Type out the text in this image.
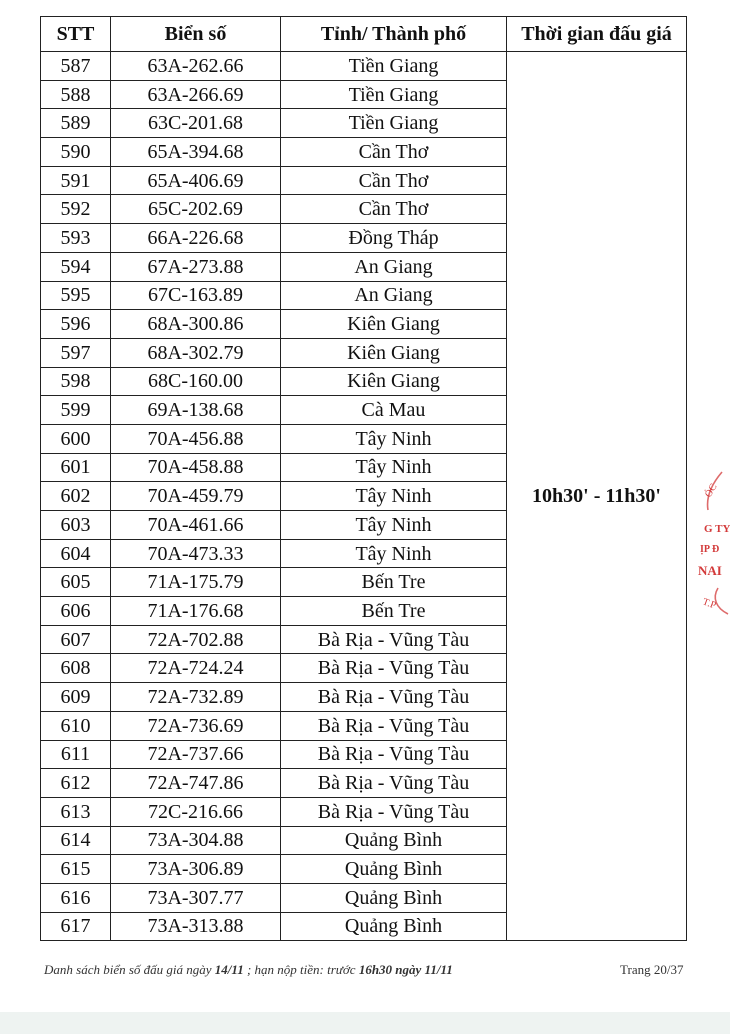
STT	Biển số	Tỉnh/ Thành phố	Thời gian đấu giá
587	63A-262.66	Tiền Giang	10h30' - 11h30'
588	63A-266.69	Tiền Giang	
589	63C-201.68	Tiền Giang	
590	65A-394.68	Cần Thơ	
591	65A-406.69	Cần Thơ	
592	65C-202.69	Cần Thơ	
593	66A-226.68	Đồng Tháp	
594	67A-273.88	An Giang	
595	67C-163.89	An Giang	
596	68A-300.86	Kiên Giang	
597	68A-302.79	Kiên Giang	
598	68C-160.00	Kiên Giang	
599	69A-138.68	Cà Mau	
600	70A-456.88	Tây Ninh	
601	70A-458.88	Tây Ninh	
602	70A-459.79	Tây Ninh	
603	70A-461.66	Tây Ninh	
604	70A-473.33	Tây Ninh	
605	71A-175.79	Bến Tre	
606	71A-176.68	Bến Tre	
607	72A-702.88	Bà Rịa - Vũng Tàu	
608	72A-724.24	Bà Rịa - Vũng Tàu	
609	72A-732.89	Bà Rịa - Vũng Tàu	
610	72A-736.69	Bà Rịa - Vũng Tàu	
611	72A-737.66	Bà Rịa - Vũng Tàu	
612	72A-747.86	Bà Rịa - Vũng Tàu	
613	72C-216.66	Bà Rịa - Vũng Tàu	
614	73A-304.88	Quảng Bình	
615	73A-306.89	Quảng Bình	
616	73A-307.77	Quảng Bình	
617	73A-313.88	Quảng Bình	
Danh sách biển số đấu giá ngày 14/11 ; hạn nộp tiền: trước 16h30 ngày 11/11	Trang 20/37
ÓC
G TY
ỊP Đ
NAI
T.P
